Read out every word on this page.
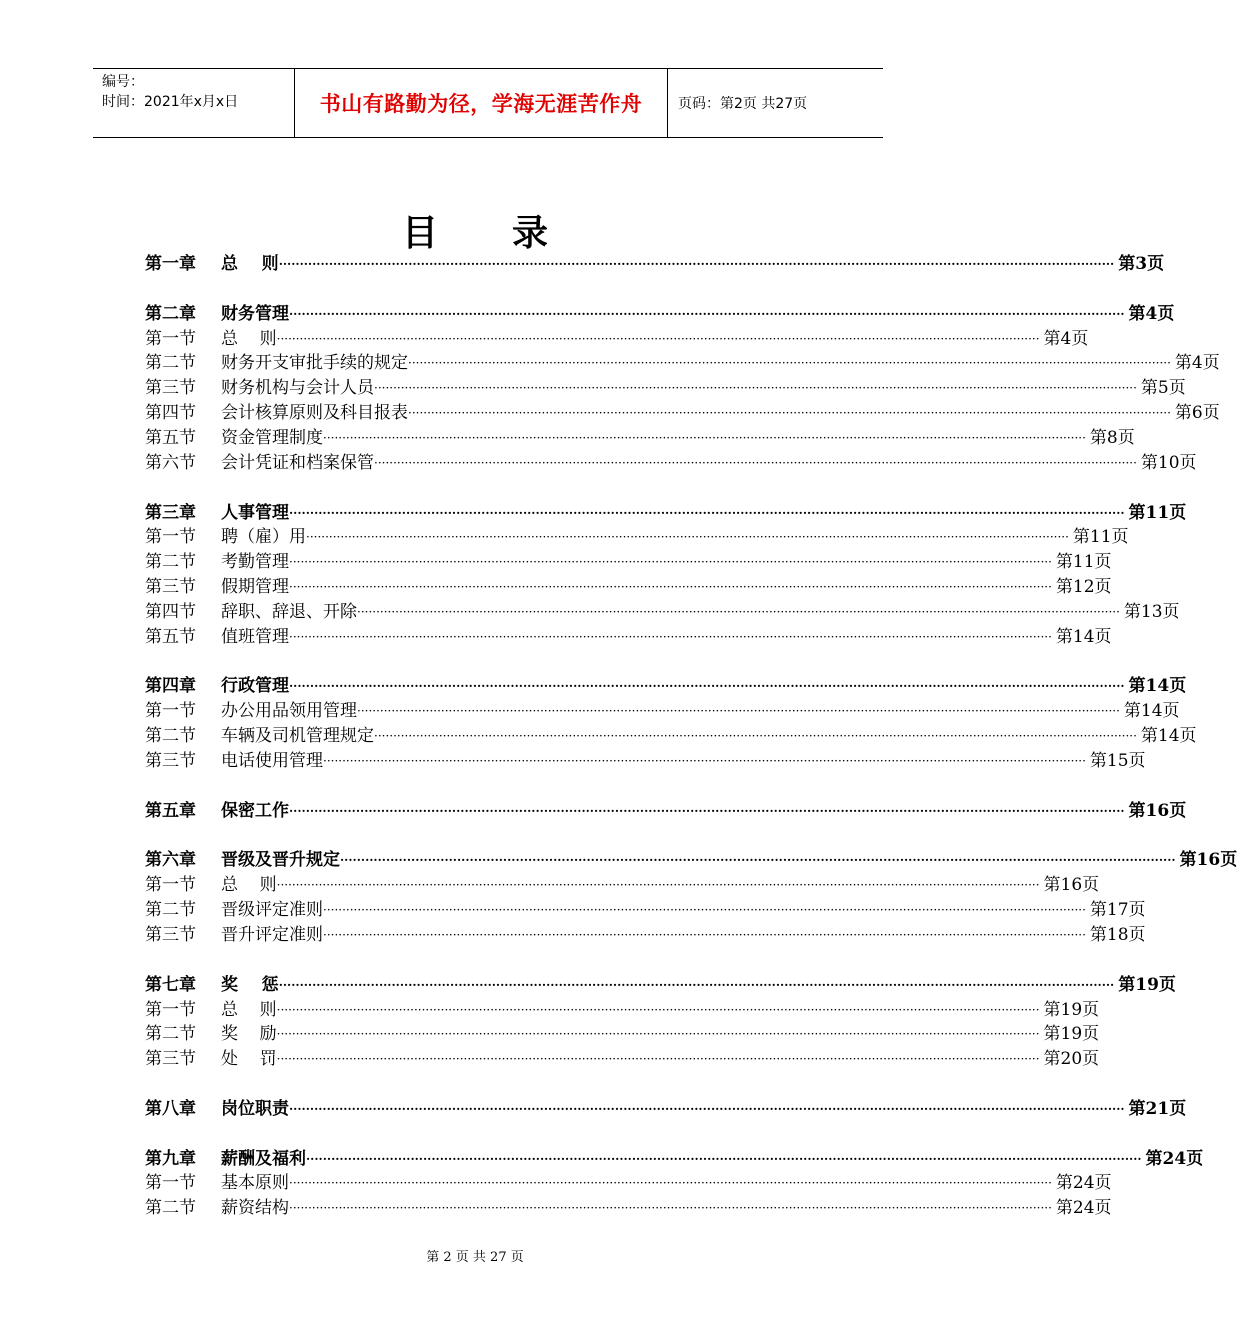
编号：
时间：2021年x月x日	书山有路勤为径，学海无涯苦作舟	页码：第2页 共27页
目 录
第一章	总    则 ········································································································································································································ 第3页
第二章	财务管理 ········································································································································································································ 第4页
第一节	总    则 ········································································································································································································ 第4页
第二节	财务开支审批手续的规定 ········································································································································································································ 第4页
第三节	财务机构与会计人员 ········································································································································································································ 第5页
第四节	会计核算原则及科目报表 ········································································································································································································ 第6页
第五节	资金管理制度 ········································································································································································································ 第8页
第六节	会计凭证和档案保管 ········································································································································································································ 第10页
第三章	人事管理 ········································································································································································································ 第11页
第一节	聘（雇）用 ········································································································································································································ 第11页
第二节	考勤管理 ········································································································································································································ 第11页
第三节	假期管理 ········································································································································································································ 第12页
第四节	辞职、辞退、开除 ········································································································································································································ 第13页
第五节	值班管理 ········································································································································································································ 第14页
第四章	行政管理 ········································································································································································································ 第14页
第一节	办公用品领用管理 ········································································································································································································ 第14页
第二节	车辆及司机管理规定 ········································································································································································································ 第14页
第三节	电话使用管理 ········································································································································································································ 第15页
第五章	保密工作 ········································································································································································································ 第16页
第六章	晋级及晋升规定 ········································································································································································································ 第16页
第一节	总    则 ········································································································································································································ 第16页
第二节	晋级评定准则 ········································································································································································································ 第17页
第三节	晋升评定准则 ········································································································································································································ 第18页
第七章	奖    惩 ········································································································································································································ 第19页
第一节	总    则 ········································································································································································································ 第19页
第二节	奖    励 ········································································································································································································ 第19页
第三节	处    罚 ········································································································································································································ 第20页
第八章	岗位职责 ········································································································································································································ 第21页
第九章	薪酬及福利 ········································································································································································································ 第24页
第一节	基本原则 ········································································································································································································ 第24页
第二节	薪资结构 ········································································································································································································ 第24页
第 2 页 共 27 页
